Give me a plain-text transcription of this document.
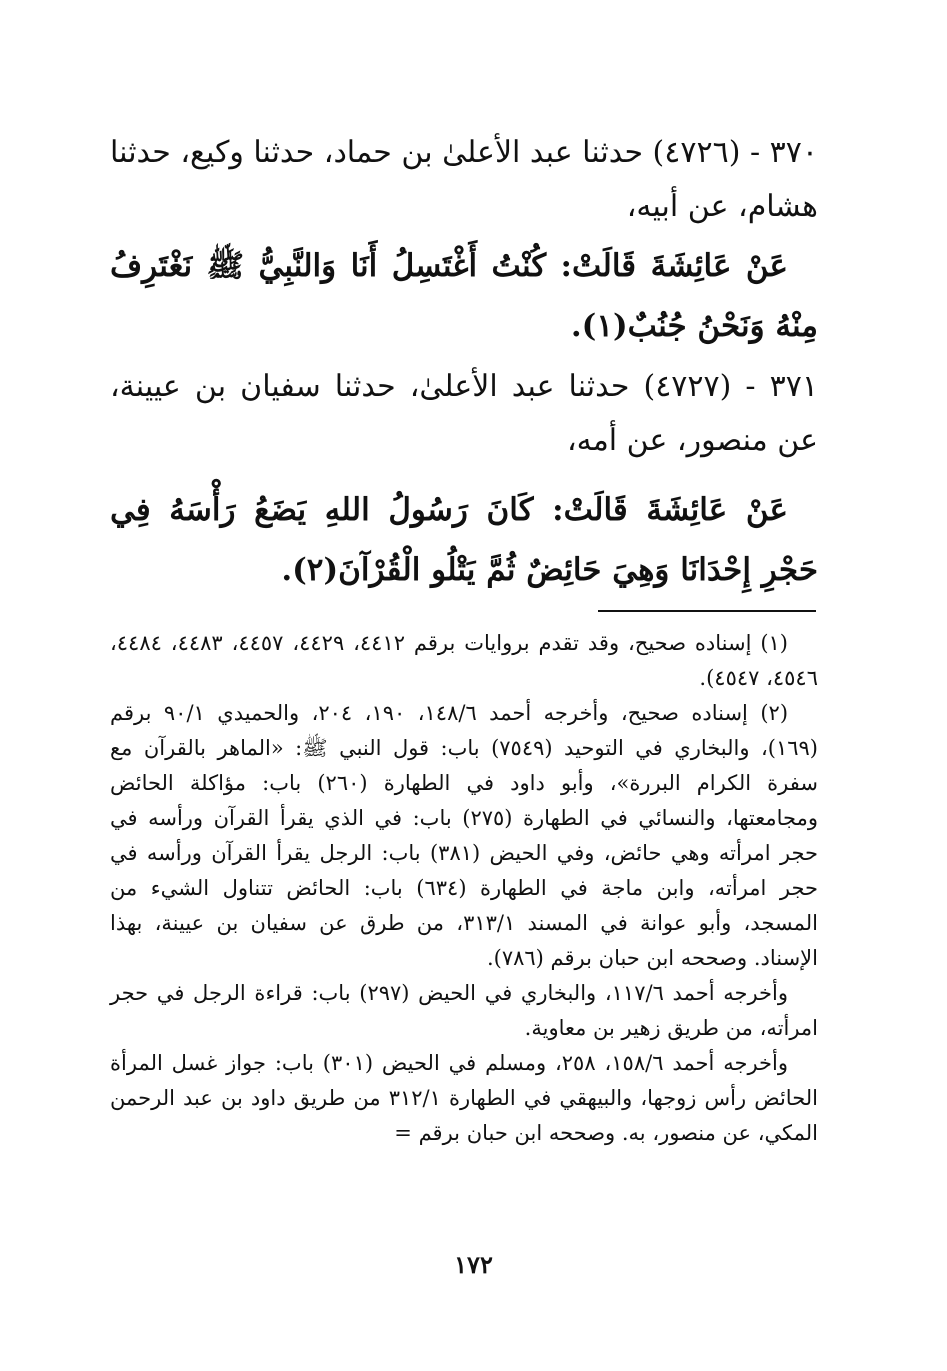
٣٧٠ - (٤٧٢٦) حدثنا عبد الأعلىٰ بن حماد، حدثنا وكيع، حدثنا هشام، عن أبيه،

عَنْ عَائِشَةَ قَالَتْ: كُنْتُ أَغْتَسِلُ أَنَا وَالنَّبِيُّ ﷺ نَغْتَرِفُ مِنْهُ وَنَحْنُ جُنُبٌ(١).

٣٧١ - (٤٧٢٧) حدثنا عبد الأعلىٰ، حدثنا سفيان بن عيينة، عن منصور، عن أمه،

عَنْ عَائِشَةَ قَالَتْ: كَانَ رَسُولُ اللهِ يَضَعُ رَأْسَهُ فِي حَجْرِ إِحْدَانَا وَهِيَ حَائِضٌ ثُمَّ يَتْلُو الْقُرْآنَ(٢).

(١) إسناده صحيح، وقد تقدم بروايات برقم ٤٤١٢، ٤٤٢٩، ٤٤٥٧، ٤٤٨٣، ٤٤٨٤، ٤٥٤٦، ٤٥٤٧).

(٢) إسناده صحيح، وأخرجه أحمد ١٤٨/٦، ١٩٠، ٢٠٤، والحميدي ٩٠/١ برقم (١٦٩)، والبخاري في التوحيد (٧٥٤٩) باب: قول النبي ﷺ: «الماهر بالقرآن مع سفرة الكرام البررة»، وأبو داود في الطهارة (٢٦٠) باب: مؤاكلة الحائض ومجامعتها، والنسائي في الطهارة (٢٧٥) باب: في الذي يقرأ القرآن ورأسه في حجر امرأته وهي حائض، وفي الحيض (٣٨١) باب: الرجل يقرأ القرآن ورأسه في حجر امرأته، وابن ماجة في الطهارة (٦٣٤) باب: الحائض تتناول الشيء من المسجد، وأبو عوانة في المسند ٣١٣/١، من طرق عن سفيان بن عيينة، بهذا الإسناد. وصححه ابن حبان برقم (٧٨٦).

وأخرجه أحمد ١١٧/٦، والبخاري في الحيض (٢٩٧) باب: قراءة الرجل في حجر امرأته، من طريق زهير بن معاوية.

وأخرجه أحمد ١٥٨/٦، ٢٥٨، ومسلم في الحيض (٣٠١) باب: جواز غسل المرأة الحائض رأس زوجها، والبيهقي في الطهارة ٣١٢/١ من طريق داود بن عبد الرحمن المكي، عن منصور، به. وصححه ابن حبان برقم =

١٧٢
